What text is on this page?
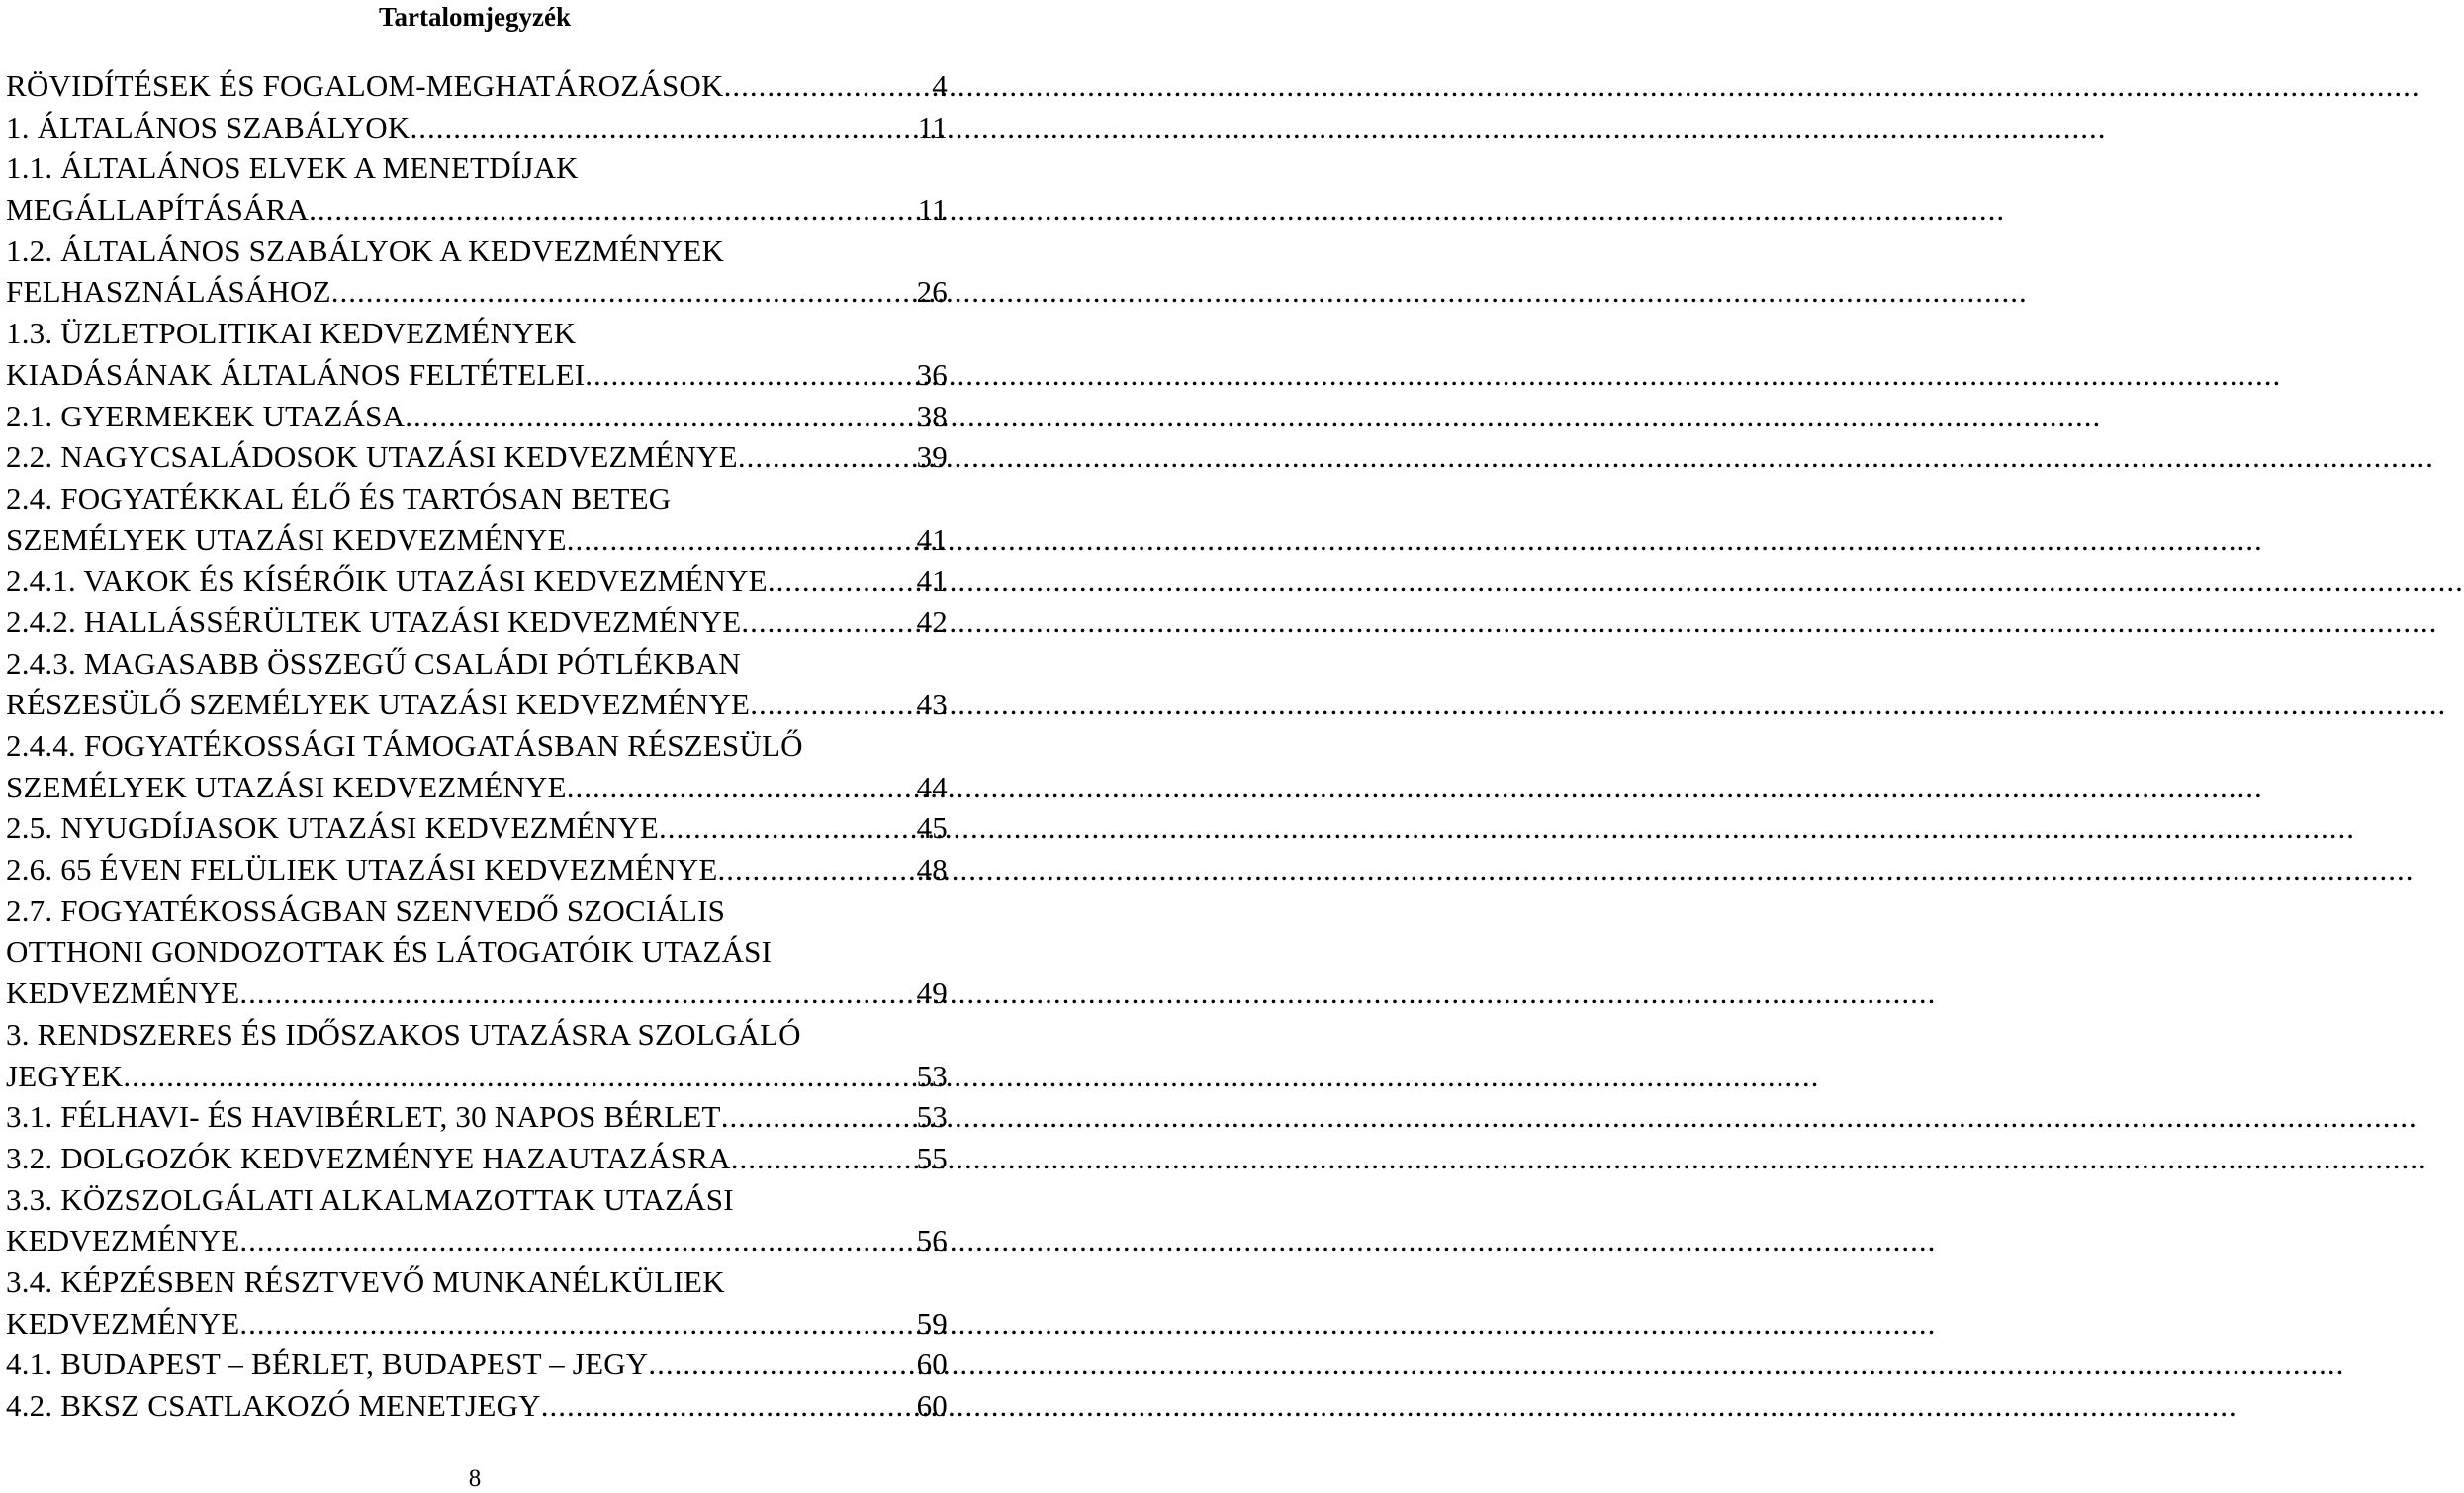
Tartalomjegyzék
RÖVIDÍTÉSEK ÉS FOGALOM-MEGHATÁROZÁSOK .....	4
1. ÁLTALÁNOS SZABÁLYOK .....	11
1.1. ÁLTALÁNOS ELVEK A MENETDÍJAK
MEGÁLLAPÍTÁSÁRA .....	11
1.2. ÁLTALÁNOS SZABÁLYOK A KEDVEZMÉNYEK
FELHASZNÁLÁSÁHOZ .....	26
1.3. ÜZLETPOLITIKAI KEDVEZMÉNYEK
KIADÁSÁNAK ÁLTALÁNOS FELTÉTELEI .....	36
2.1. GYERMEKEK UTAZÁSA .....	38
2.2. NAGYCSALÁDOSOK UTAZÁSI KEDVEZMÉNYE .....	39
2.4. FOGYATÉKKAL ÉLŐ ÉS TARTÓSAN BETEG
SZEMÉLYEK UTAZÁSI KEDVEZMÉNYE .....	41
2.4.1. VAKOK ÉS KÍSÉRŐIK UTAZÁSI KEDVEZMÉNYE .....	41
2.4.2. HALLÁSSÉRÜLTEK UTAZÁSI KEDVEZMÉNYE .....	42
2.4.3. MAGASABB ÖSSZEGŰ CSALÁDI PÓTLÉKBAN
RÉSZESÜLŐ SZEMÉLYEK UTAZÁSI KEDVEZMÉNYE .....	43
2.4.4. FOGYATÉKOSSÁGI TÁMOGATÁSBAN RÉSZESÜLŐ
SZEMÉLYEK UTAZÁSI KEDVEZMÉNYE .....	44
2.5. NYUGDÍJASOK UTAZÁSI KEDVEZMÉNYE .....	45
2.6. 65 ÉVEN FELÜLIEK UTAZÁSI KEDVEZMÉNYE .....	48
2.7. FOGYATÉKOSSÁGBAN SZENVEDŐ SZOCIÁLIS
OTTHONI GONDOZOTTAK ÉS LÁTOGATÓIK UTAZÁSI
KEDVEZMÉNYE .....	49
3. RENDSZERES ÉS IDŐSZAKOS UTAZÁSRA SZOLGÁLÓ
JEGYEK .....	53
3.1. FÉLHAVI- ÉS HAVIBÉRLET, 30 NAPOS BÉRLET .....	53
3.2. DOLGOZÓK KEDVEZMÉNYE HAZAUTAZÁSRA .....	55
3.3. KÖZSZOLGÁLATI ALKALMAZOTTAK UTAZÁSI
KEDVEZMÉNYE .....	56
3.4. KÉPZÉSBEN RÉSZTVEVŐ MUNKANÉLKÜLIEK
KEDVEZMÉNYE .....	59
4.1. BUDAPEST – BÉRLET, BUDAPEST – JEGY .....	60
4.2. BKSZ CSATLAKOZÓ MENETJEGY .....	60
8
